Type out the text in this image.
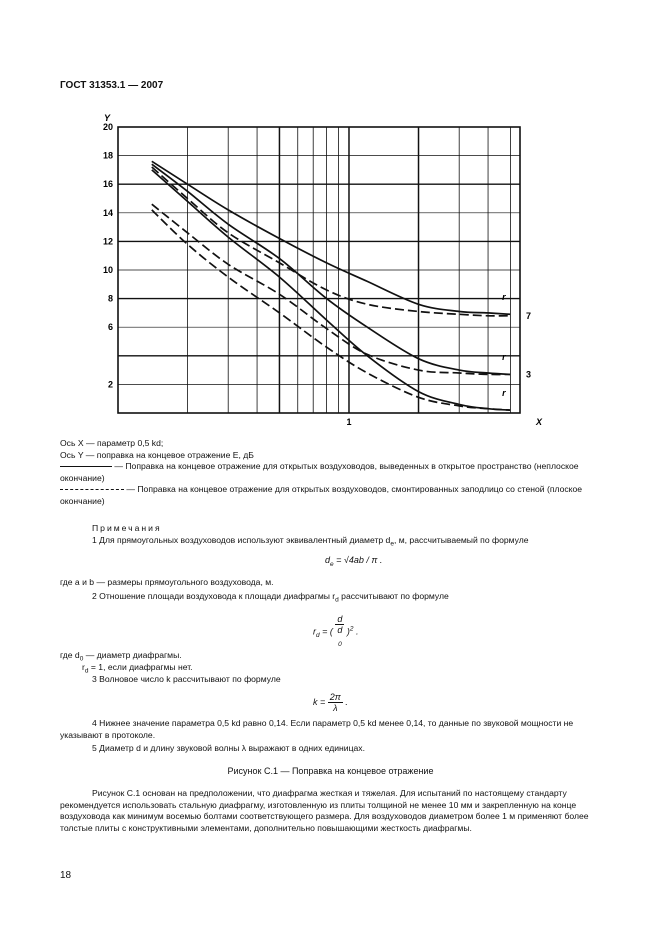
ГОСТ 31353.1 — 2007
2
6
8
10
12
14
16
18
20
Y
1	X
r
r
r
7
3
Ось X — параметр 0,5 kd;
Ось Y — поправка на концевое отражение E, дБ
— Поправка на концевое отражение для открытых воздуховодов, выведенных в открытое пространство (неплоское окончание)
— Поправка на концевое отражение для открытых воздуховодов, смонтированных заподлицо со стеной (плоское окончание)
Примечания
1 Для прямоугольных воздуховодов используют эквивалентный диаметр $d_e$, м, рассчитываемый по формуле
$d_e = √4ab / \pi$ .
где a и b — размеры прямоугольного воздуховода, м.
2 Отношение площади воздуховода к площади диафрагмы $r_d$ рассчитывают по формуле
$r_d$ = ( d
d
$_0$ )$^2$ .
где $d_0$ — диаметр диафрагмы.
$r_d = 1$, если диафрагмы нет.
3 Волновое число k рассчитывают по формуле
$k = \frac{2\pi}{\lambda}$ .
4 Нижнее значение параметра 0,5 kd равно 0,14. Если параметр 0,5 kd менее 0,14, то данные по звуковой мощности не указывают в протоколе.
5 Диаметр d и длину звуковой волны λ выражают в одних единицах.
Рисунок С.1 — Поправка на концевое отражение
Рисунок С.1 основан на предположении, что диафрагма жесткая и тяжелая. Для испытаний по настоящему стандарту рекомендуется использовать стальную диафрагму, изготовленную из плиты толщиной не менее 10 мм и закрепленную на конце воздуховода как минимум восемью болтами соответствующего размера. Для воздуховодов диаметром более 1 м применяют более толстые плиты с конструктивными элементами, дополнительно повышающими жесткость диафрагмы.
18
